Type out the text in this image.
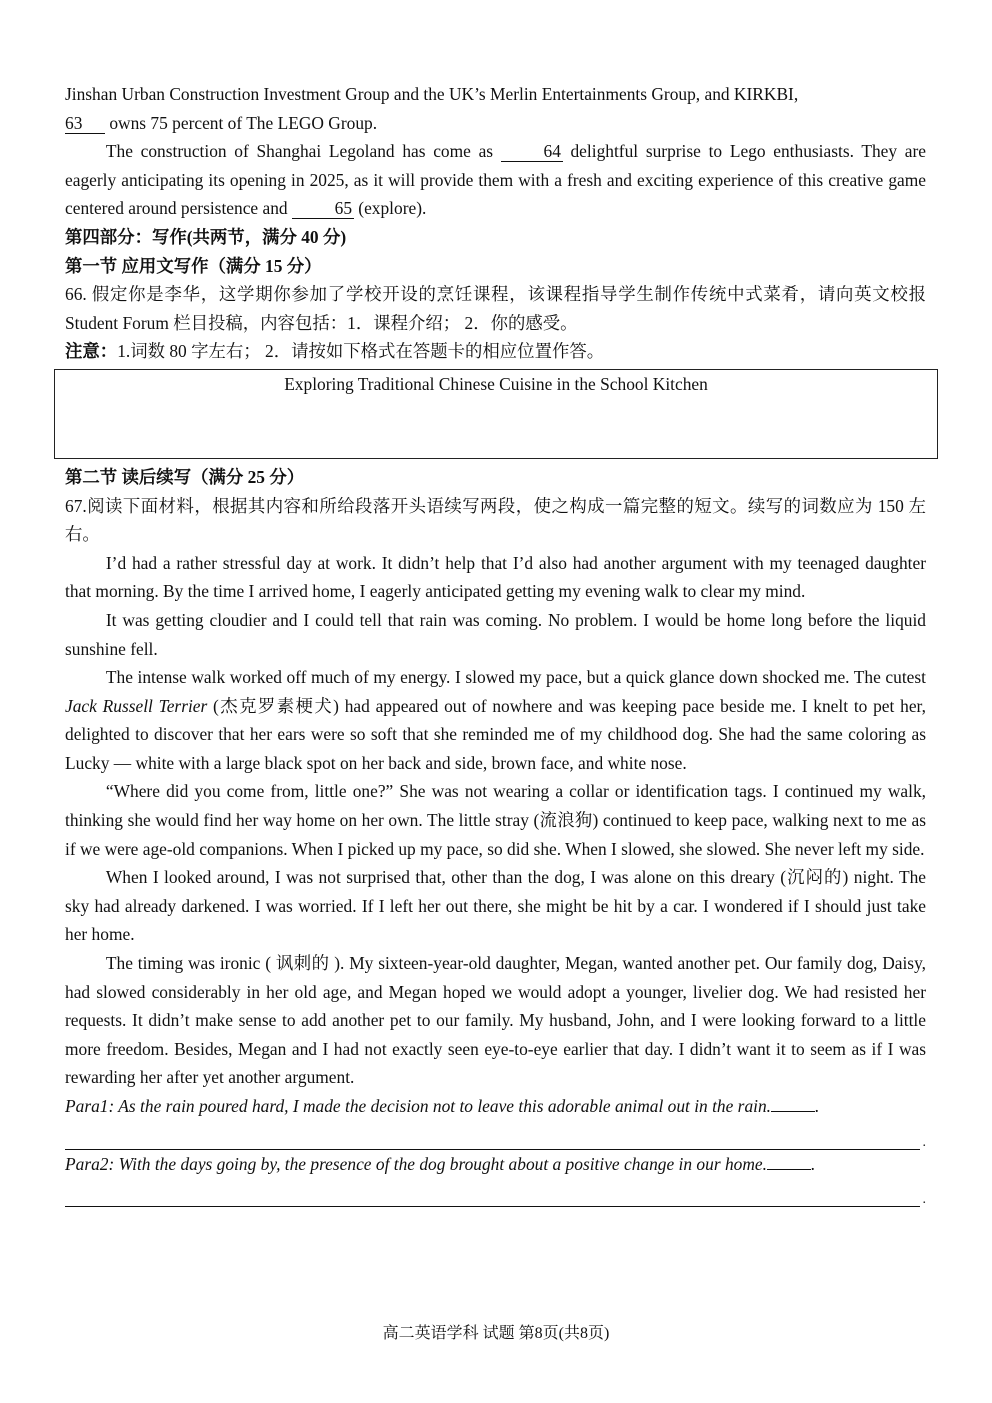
Jinshan Urban Construction Investment Group and the UK’s Merlin Entertainments Group, and KIRKBI,
63 owns 75 percent of The LEGO Group.

The construction of Shanghai Legoland has come as 64 delightful surprise to Lego enthusiasts. They are eagerly anticipating its opening in 2025, as it will provide them with a fresh and exciting experience of this creative game centered around persistence and 65 (explore).

第四部分：写作(共两节，满分 40 分)

第一节 应用文写作（满分 15 分）

66. 假定你是李华，这学期你参加了学校开设的烹饪课程，该课程指导学生制作传统中式菜肴，请向英文校报 Student Forum 栏目投稿，内容包括：1．课程介绍； 2．你的感受。

注意：1.词数 80 字左右； 2．请按如下格式在答题卡的相应位置作答。

Exploring Traditional Chinese Cuisine in the School Kitchen

第二节 读后续写（满分 25 分）

67.阅读下面材料，根据其内容和所给段落开头语续写两段，使之构成一篇完整的短文。续写的词数应为 150 左右。

I’d had a rather stressful day at work. It didn’t help that I’d also had another argument with my teenaged daughter that morning. By the time I arrived home, I eagerly anticipated getting my evening walk to clear my mind.

It was getting cloudier and I could tell that rain was coming. No problem. I would be home long before the liquid sunshine fell.

The intense walk worked off much of my energy. I slowed my pace, but a quick glance down shocked me. The cutest Jack Russell Terrier (杰克罗素梗犬) had appeared out of nowhere and was keeping pace beside me. I knelt to pet her, delighted to discover that her ears were so soft that she reminded me of my childhood dog. She had the same coloring as Lucky — white with a large black spot on her back and side, brown face, and white nose.

“Where did you come from, little one?” She was not wearing a collar or identification tags. I continued my walk, thinking she would find her way home on her own. The little stray (流浪狗) continued to keep pace, walking next to me as if we were age-old companions. When I picked up my pace, so did she. When I slowed, she slowed. She never left my side.

When I looked around, I was not surprised that, other than the dog, I was alone on this dreary (沉闷的) night. The sky had already darkened. I was worried. If I left her out there, she might be hit by a car. I wondered if I should just take her home.

The timing was ironic ( 讽刺的 ). My sixteen-year-old daughter, Megan, wanted another pet. Our family dog, Daisy, had slowed considerably in her old age, and Megan hoped we would adopt a younger, livelier dog. We had resisted her requests. It didn’t make sense to add another pet to our family. My husband, John, and I were looking forward to a little more freedom. Besides, Megan and I had not exactly seen eye-to-eye earlier that day. I didn’t want it to seem as if I was rewarding her after yet another argument.

Para1: As the rain poured hard, I made the decision not to leave this adorable animal out in the rain.	.

.

Para2: With the days going by, the presence of the dog brought about a positive change in our home.	.

.
高二英语学科 试题 第8页(共8页)
